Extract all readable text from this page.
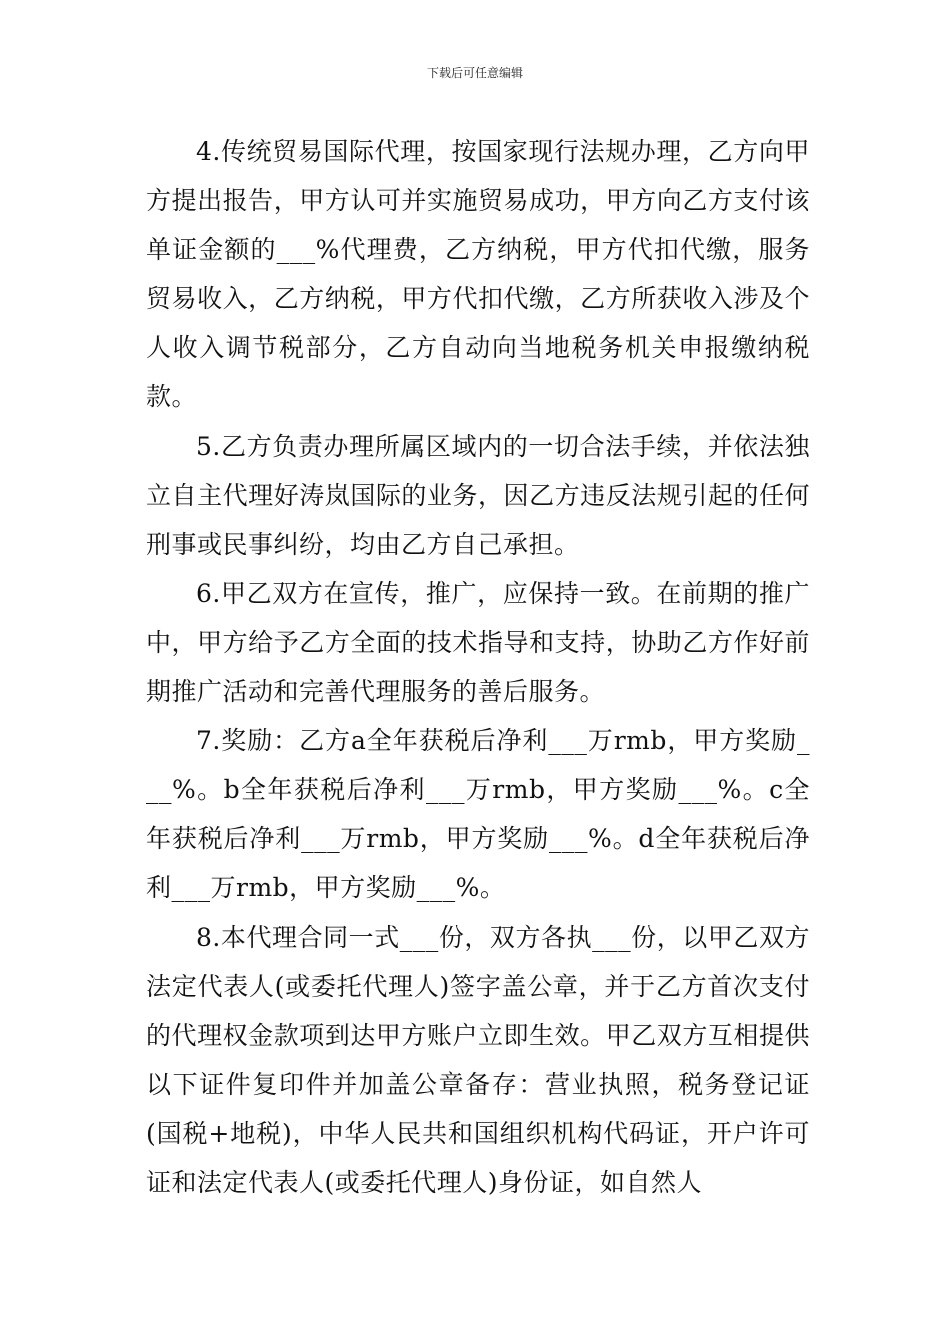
下载后可任意编辑

4.传统贸易国际代理，按国家现行法规办理，乙方向甲方提出报告，甲方认可并实施贸易成功，甲方向乙方支付该单证金额的___%代理费，乙方纳税，甲方代扣代缴，服务贸易收入，乙方纳税，甲方代扣代缴，乙方所获收入涉及个人收入调节税部分，乙方自动向当地税务机关申报缴纳税款。

5.乙方负责办理所属区域内的一切合法手续，并依法独立自主代理好涛岚国际的业务，因乙方违反法规引起的任何刑事或民事纠纷，均由乙方自己承担。

6.甲乙双方在宣传，推广，应保持一致。在前期的推广中，甲方给予乙方全面的技术指导和支持，协助乙方作好前期推广活动和完善代理服务的善后服务。

7.奖励：乙方a全年获税后净利___万rmb，甲方奖励___%。b全年获税后净利___万rmb，甲方奖励___%。c全年获税后净利___万rmb，甲方奖励___%。d全年获税后净利___万rmb，甲方奖励___%。

8.本代理合同一式___份，双方各执___份，以甲乙双方法定代表人(或委托代理人)签字盖公章，并于乙方首次支付的代理权金款项到达甲方账户立即生效。甲乙双方互相提供以下证件复印件并加盖公章备存：营业执照，税务登记证(国税+地税)，中华人民共和国组织机构代码证，开户许可证和法定代表人(或委托代理人)身份证，如自然人
